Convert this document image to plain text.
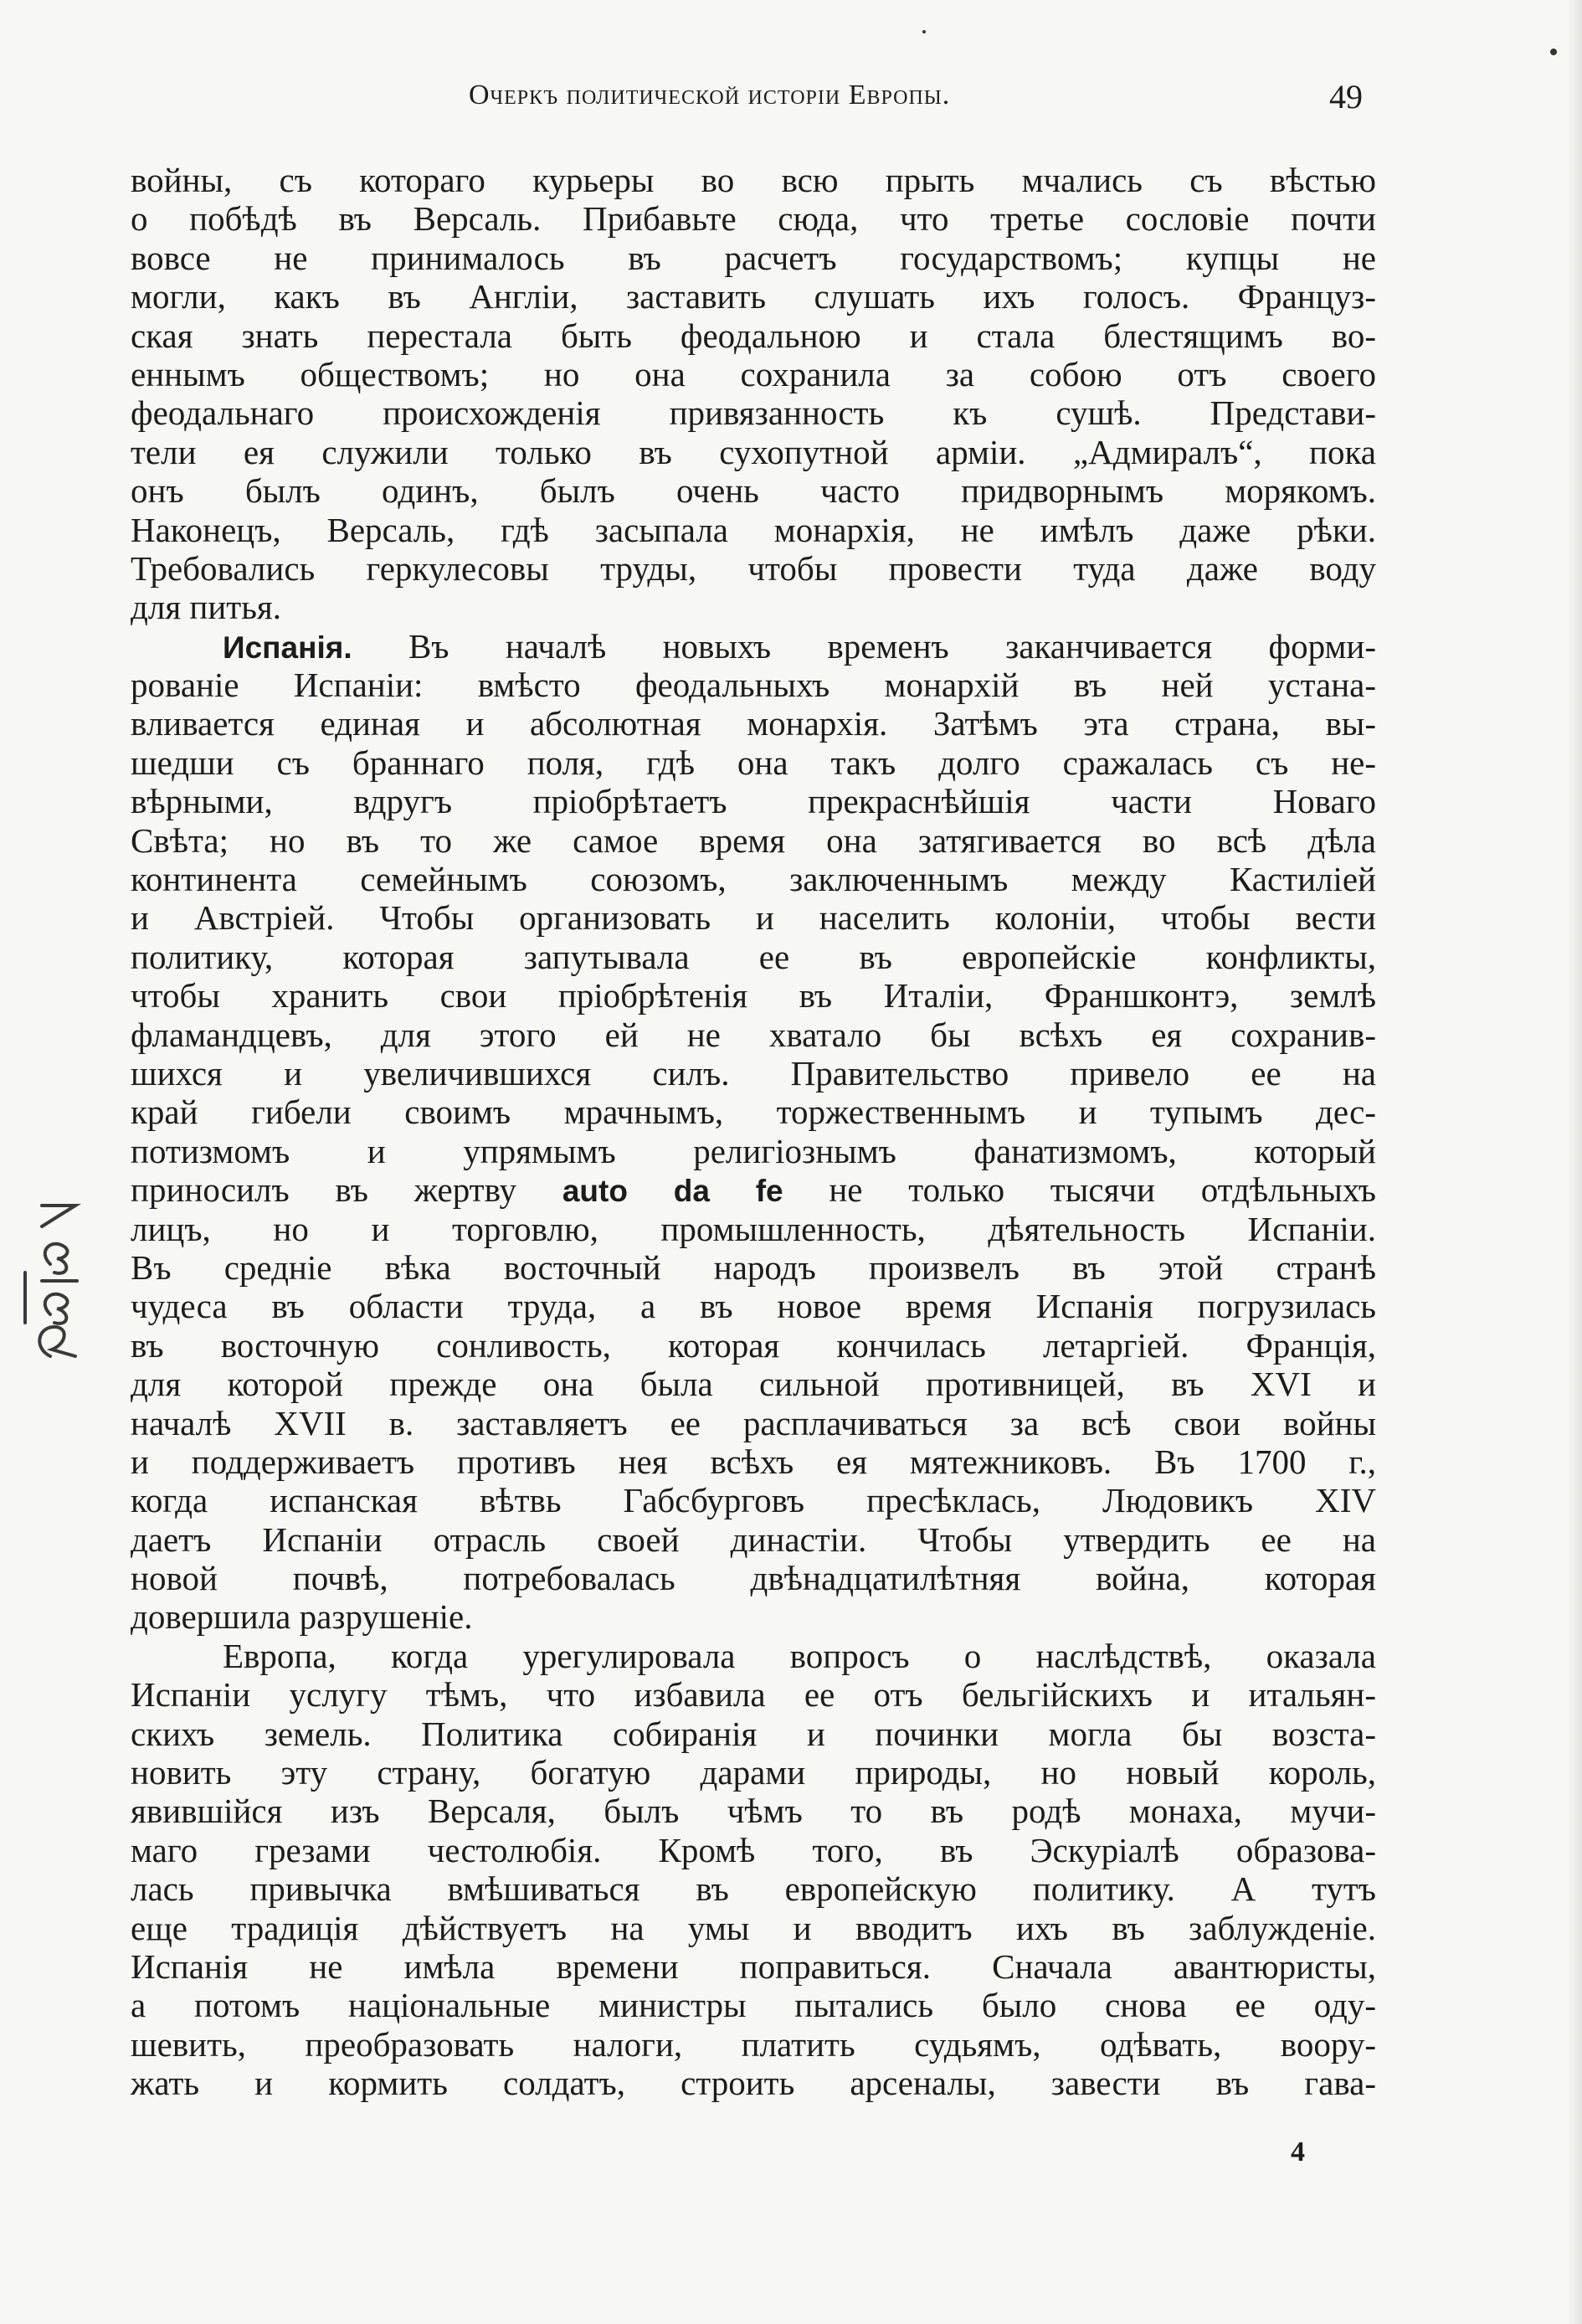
Очеркъ политической исторіи Европы.	49
войны, съ котораго курьеры во всю прыть мчались съ вѣстью
о побѣдѣ въ Версаль. Прибавьте сюда, что третье сословіе почти
вовсе не принималось въ расчетъ государствомъ; купцы не
могли, какъ въ Англіи, заставить слушать ихъ голосъ. Француз-
ская знать перестала быть феодальною и стала блестящимъ во-
еннымъ обществомъ; но она сохранила за собою отъ своего
феодальнаго происхожденія привязанность къ сушѣ. Представи-
тели ея служили только въ сухопутной арміи. „Адмиралъ“, пока
онъ былъ одинъ, былъ очень часто придворнымъ морякомъ.
Наконецъ, Версаль, гдѣ засыпала монархія, не имѣлъ даже рѣки.
Требовались геркулесовы труды, чтобы провести туда даже воду
для питья.
Испанія. Въ началѣ новыхъ временъ заканчивается форми-
рованіе Испаніи: вмѣсто феодальныхъ монархій въ ней устана-
вливается единая и абсолютная монархія. Затѣмъ эта страна, вы-
шедши съ браннаго поля, гдѣ она такъ долго сражалась съ не-
вѣрными, вдругъ пріобрѣтаетъ прекраснѣйшія части Новаго
Свѣта; но въ то же самое время она затягивается во всѣ дѣла
континента семейнымъ союзомъ, заключеннымъ между Кастиліей
и Австріей. Чтобы организовать и населить колоніи, чтобы вести
политику, которая запутывала ее въ европейскіе конфликты,
чтобы хранить свои пріобрѣтенія въ Италіи, Франшконтэ, землѣ
фламандцевъ, для этого ей не хватало бы всѣхъ ея сохранив-
шихся и увеличившихся силъ. Правительство привело ее на
край гибели своимъ мрачнымъ, торжественнымъ и тупымъ дес-
потизмомъ и упрямымъ религіознымъ фанатизмомъ, который
приносилъ въ жертву auto da fe не только тысячи отдѣльныхъ
лицъ, но и торговлю, промышленность, дѣятельность Испаніи.
Въ средніе вѣка восточный народъ произвелъ въ этой странѣ
чудеса въ области труда, а въ новое время Испанія погрузилась
въ восточную сонливость, которая кончилась летаргіей. Франція,
для которой прежде она была сильной противницей, въ XVI и
началѣ XVII в. заставляетъ ее расплачиваться за всѣ свои войны
и поддерживаетъ противъ нея всѣхъ ея мятежниковъ. Въ 1700 г.,
когда испанская вѣтвь Габсбурговъ пресѣклась, Людовикъ XIV
даетъ Испаніи отрасль своей династіи. Чтобы утвердить ее на
новой почвѣ, потребовалась двѣнадцатилѣтняя война, которая
довершила разрушеніе.
Европа, когда урегулировала вопросъ о наслѣдствѣ, оказала
Испаніи услугу тѣмъ, что избавила ее отъ бельгійскихъ и итальян-
скихъ земель. Политика собиранія и починки могла бы возста-
новить эту страну, богатую дарами природы, но новый король,
явившійся изъ Версаля, былъ чѣмъ то въ родѣ монаха, мучи-
маго грезами честолюбія. Кромѣ того, въ Эскуріалѣ образова-
лась привычка вмѣшиваться въ европейскую политику. А тутъ
еще традиція дѣйствуетъ на умы и вводитъ ихъ въ заблужденіе.
Испанія не имѣла времени поправиться. Сначала авантюристы,
а потомъ національные министры пытались было снова ее оду-
шевить, преобразовать налоги, платить судьямъ, одѣвать, воору-
жать и кормить солдатъ, строить арсеналы, завести въ гава-
4
